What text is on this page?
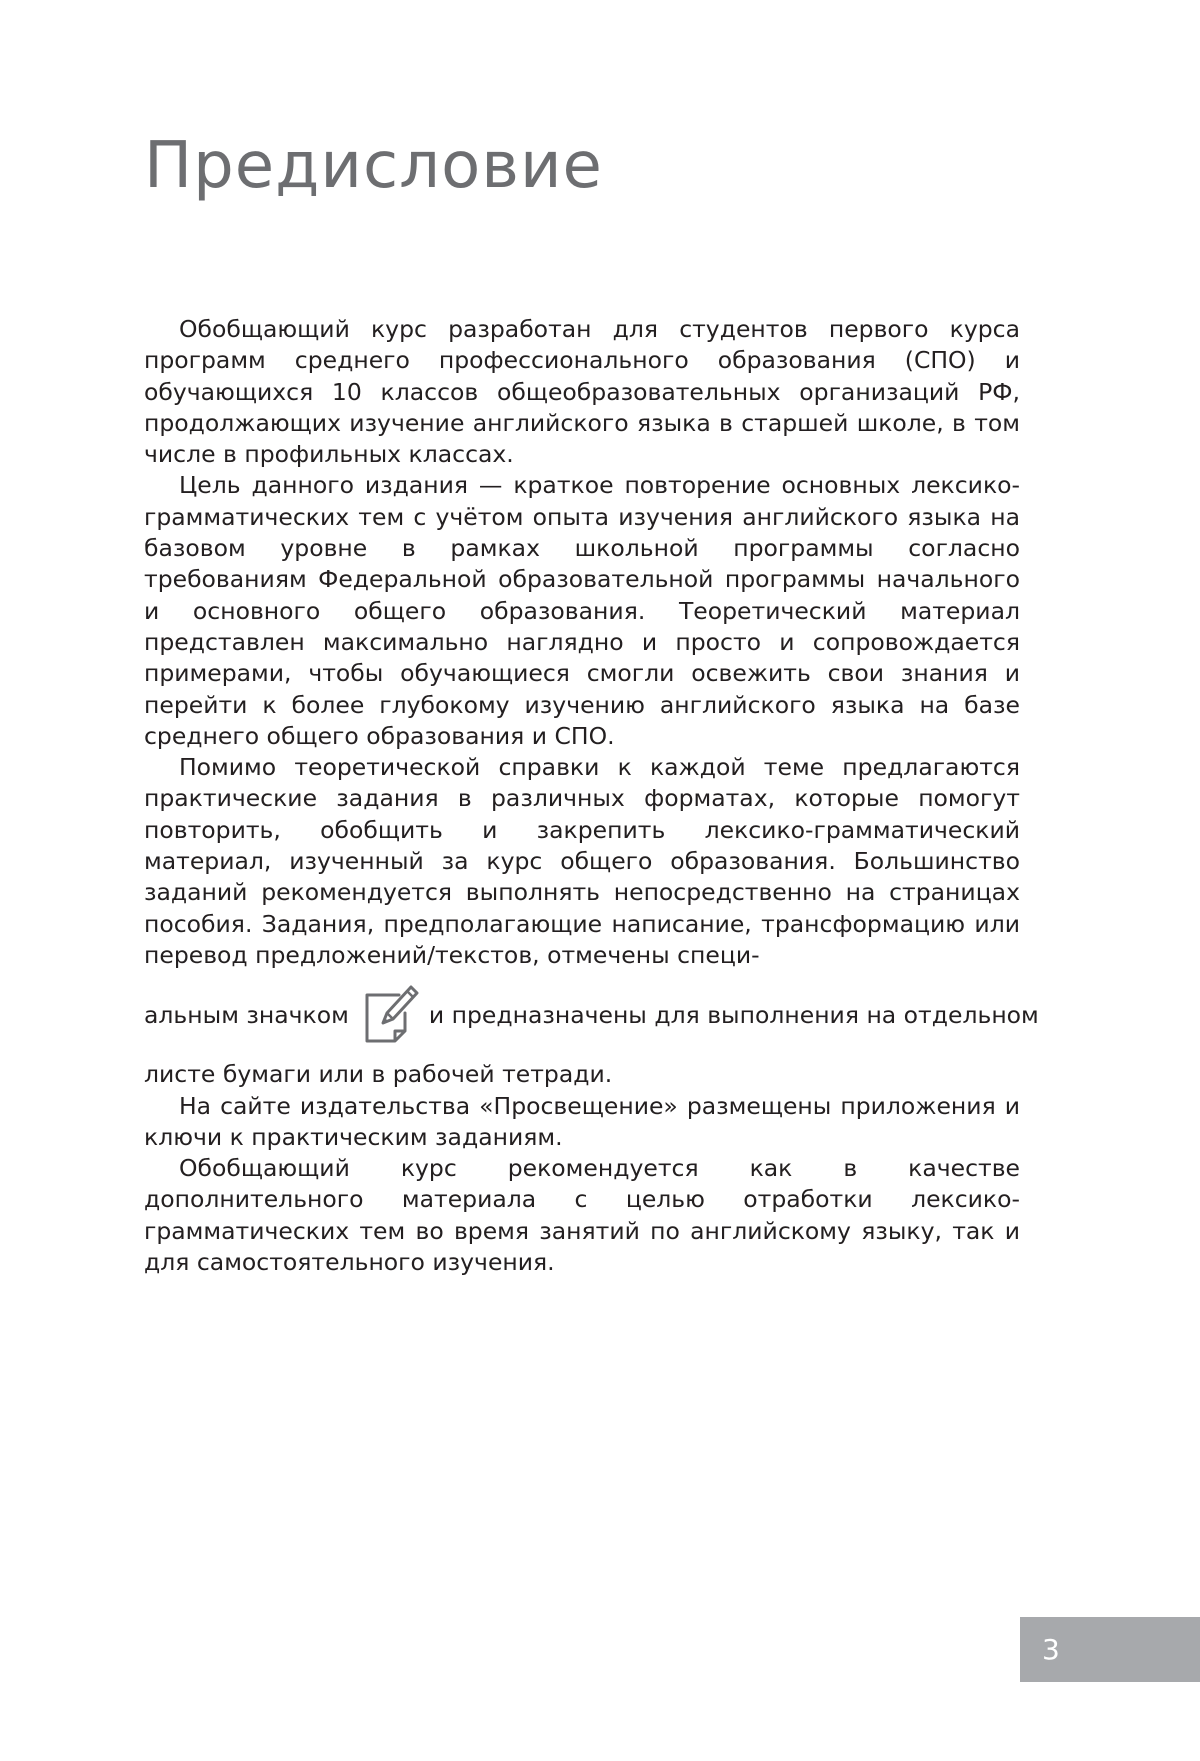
Предисловие

Обобщающий курс разработан для студентов первого курса программ среднего профессионального образования (СПО) и обучающихся 10 классов общеобразовательных организаций РФ, продолжающих изучение английского языка в старшей школе, в том числе в профильных классах.

Цель данного издания — краткое повторение основных лексико-грамматических тем с учётом опыта изучения английского языка на базовом уровне в рамках школьной программы согласно требованиям Федеральной образовательной программы начального и основного общего образования. Теоретический материал представлен максимально наглядно и просто и сопровождается примерами, чтобы обучающиеся смогли освежить свои знания и перейти к более глубокому изучению английского языка на базе среднего общего образования и СПО.

Помимо теоретической справки к каждой теме предлагаются практические задания в различных форматах, которые помогут повторить, обобщить и закрепить лексико-грамматический материал, изученный за курс общего образования. Большинство заданий рекомендуется выполнять непосредственно на страницах пособия. Задания, предполагающие написание, трансформацию или перевод предложений/текстов, отмечены специ-

альным значком	и предназначены для выполнения на отдельном

листе бумаги или в рабочей тетради.

На сайте издательства «Просвещение» размещены приложения и ключи к практическим заданиям.

Обобщающий курс рекомендуется как в качестве дополнительного материала с целью отработки лексико-грамматических тем во время занятий по английскому языку, так и для самостоятельного изучения.

3
